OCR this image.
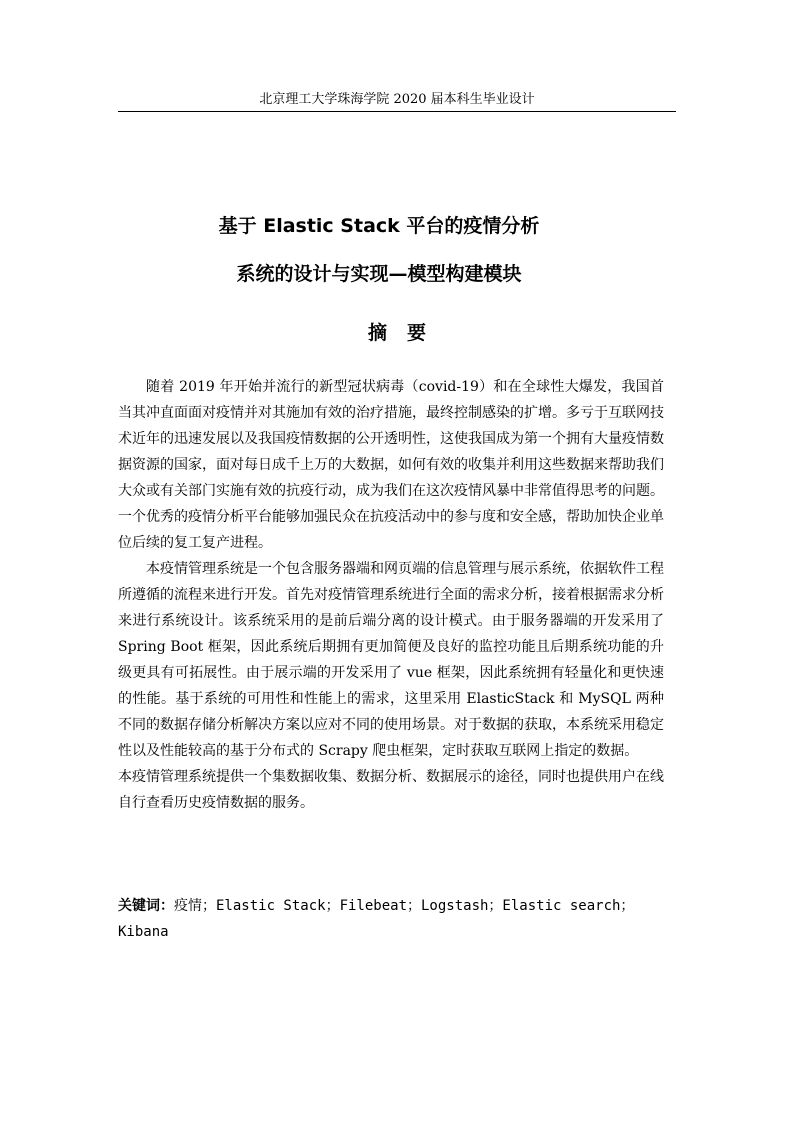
北京理工大学珠海学院 2020 届本科生毕业设计
基于 Elastic Stack 平台的疫情分析
系统的设计与实现—模型构建模块
摘要

随着 2019 年开始并流行的新型冠状病毒（covid-19）和在全球性大爆发，我国首当其冲直面面对疫情并对其施加有效的治疗措施，最终控制感染的扩增。多亏于互联网技术近年的迅速发展以及我国疫情数据的公开透明性，这使我国成为第一个拥有大量疫情数据资源的国家，面对每日成千上万的大数据，如何有效的收集并利用这些数据来帮助我们大众或有关部门实施有效的抗疫行动，成为我们在这次疫情风暴中非常值得思考的问题。一个优秀的疫情分析平台能够加强民众在抗疫活动中的参与度和安全感，帮助加快企业单位后续的复工复产进程。

本疫情管理系统是一个包含服务器端和网页端的信息管理与展示系统，依据软件工程所遵循的流程来进行开发。首先对疫情管理系统进行全面的需求分析，接着根据需求分析来进行系统设计。该系统采用的是前后端分离的设计模式。由于服务器端的开发采用了 Spring Boot 框架，因此系统后期拥有更加简便及良好的监控功能且后期系统功能的升级更具有可拓展性。由于展示端的开发采用了 vue 框架，因此系统拥有轻量化和更快速的性能。基于系统的可用性和性能上的需求，这里采用 ElasticStack 和 MySQL 两种不同的数据存储分析解决方案以应对不同的使用场景。对于数据的获取，本系统采用稳定性以及性能较高的基于分布式的 Scrapy 爬虫框架，定时获取互联网上指定的数据。

本疫情管理系统提供一个集数据收集、数据分析、数据展示的途径，同时也提供用户在线自行查看历史疫情数据的服务。

关键词：疫情；Elastic Stack；Filebeat；Logstash；Elastic search；Kibana
